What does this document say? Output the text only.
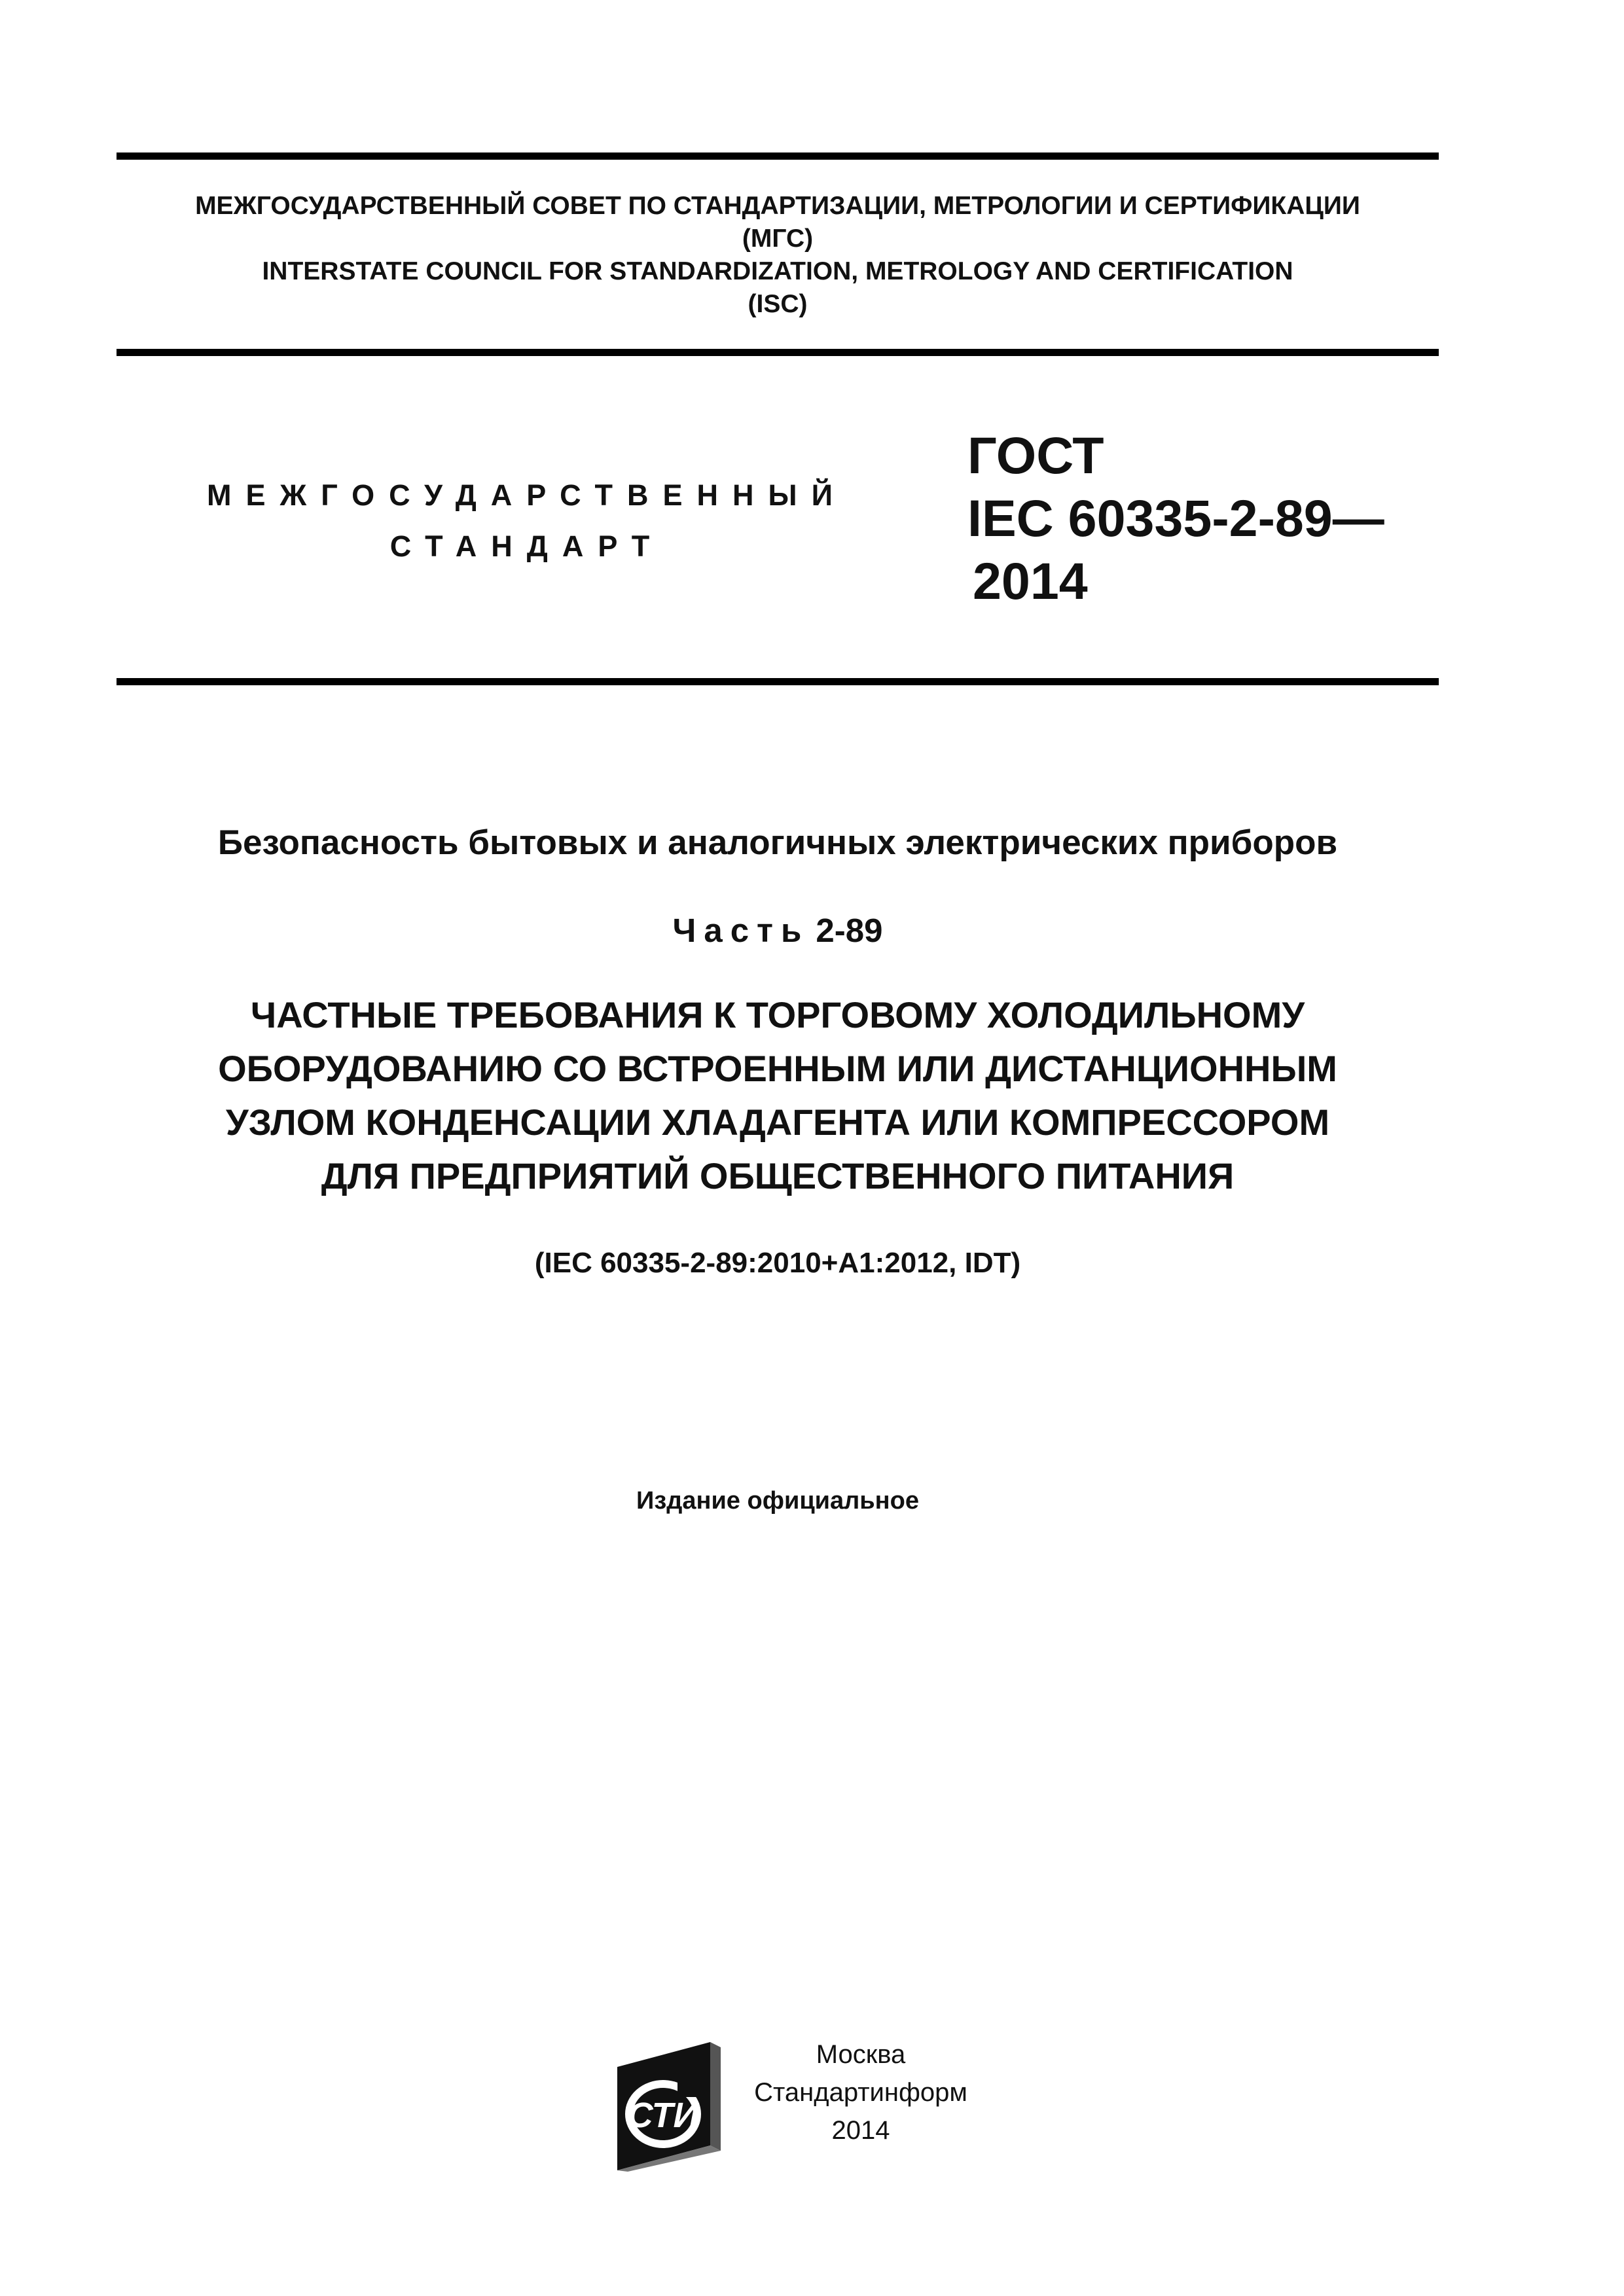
МЕЖГОСУДАРСТВЕННЫЙ СОВЕТ ПО СТАНДАРТИЗАЦИИ, МЕТРОЛОГИИ И СЕРТИФИКАЦИИ
(МГС)
INTERSTATE COUNCIL FOR STANDARDIZATION, METROLOGY AND CERTIFICATION
(ISC)
МЕЖГОСУДАРСТВЕННЫЙ
СТАНДАРТ
ГОСТ
IEC 60335-2-89—
2014
Безопасность бытовых и аналогичных электрических приборов
Часть 2-89
ЧАСТНЫЕ ТРЕБОВАНИЯ К ТОРГОВОМУ ХОЛОДИЛЬНОМУ
ОБОРУДОВАНИЮ СО ВСТРОЕННЫМ ИЛИ ДИСТАНЦИОННЫМ
УЗЛОМ КОНДЕНСАЦИИ ХЛАДАГЕНТА ИЛИ КОМПРЕССОРОМ
ДЛЯ ПРЕДПРИЯТИЙ ОБЩЕСТВЕННОГО ПИТАНИЯ
(IEC 60335-2-89:2010+A1:2012, IDT)
Издание официальное
СТИ
Москва
Стандартинформ
2014
